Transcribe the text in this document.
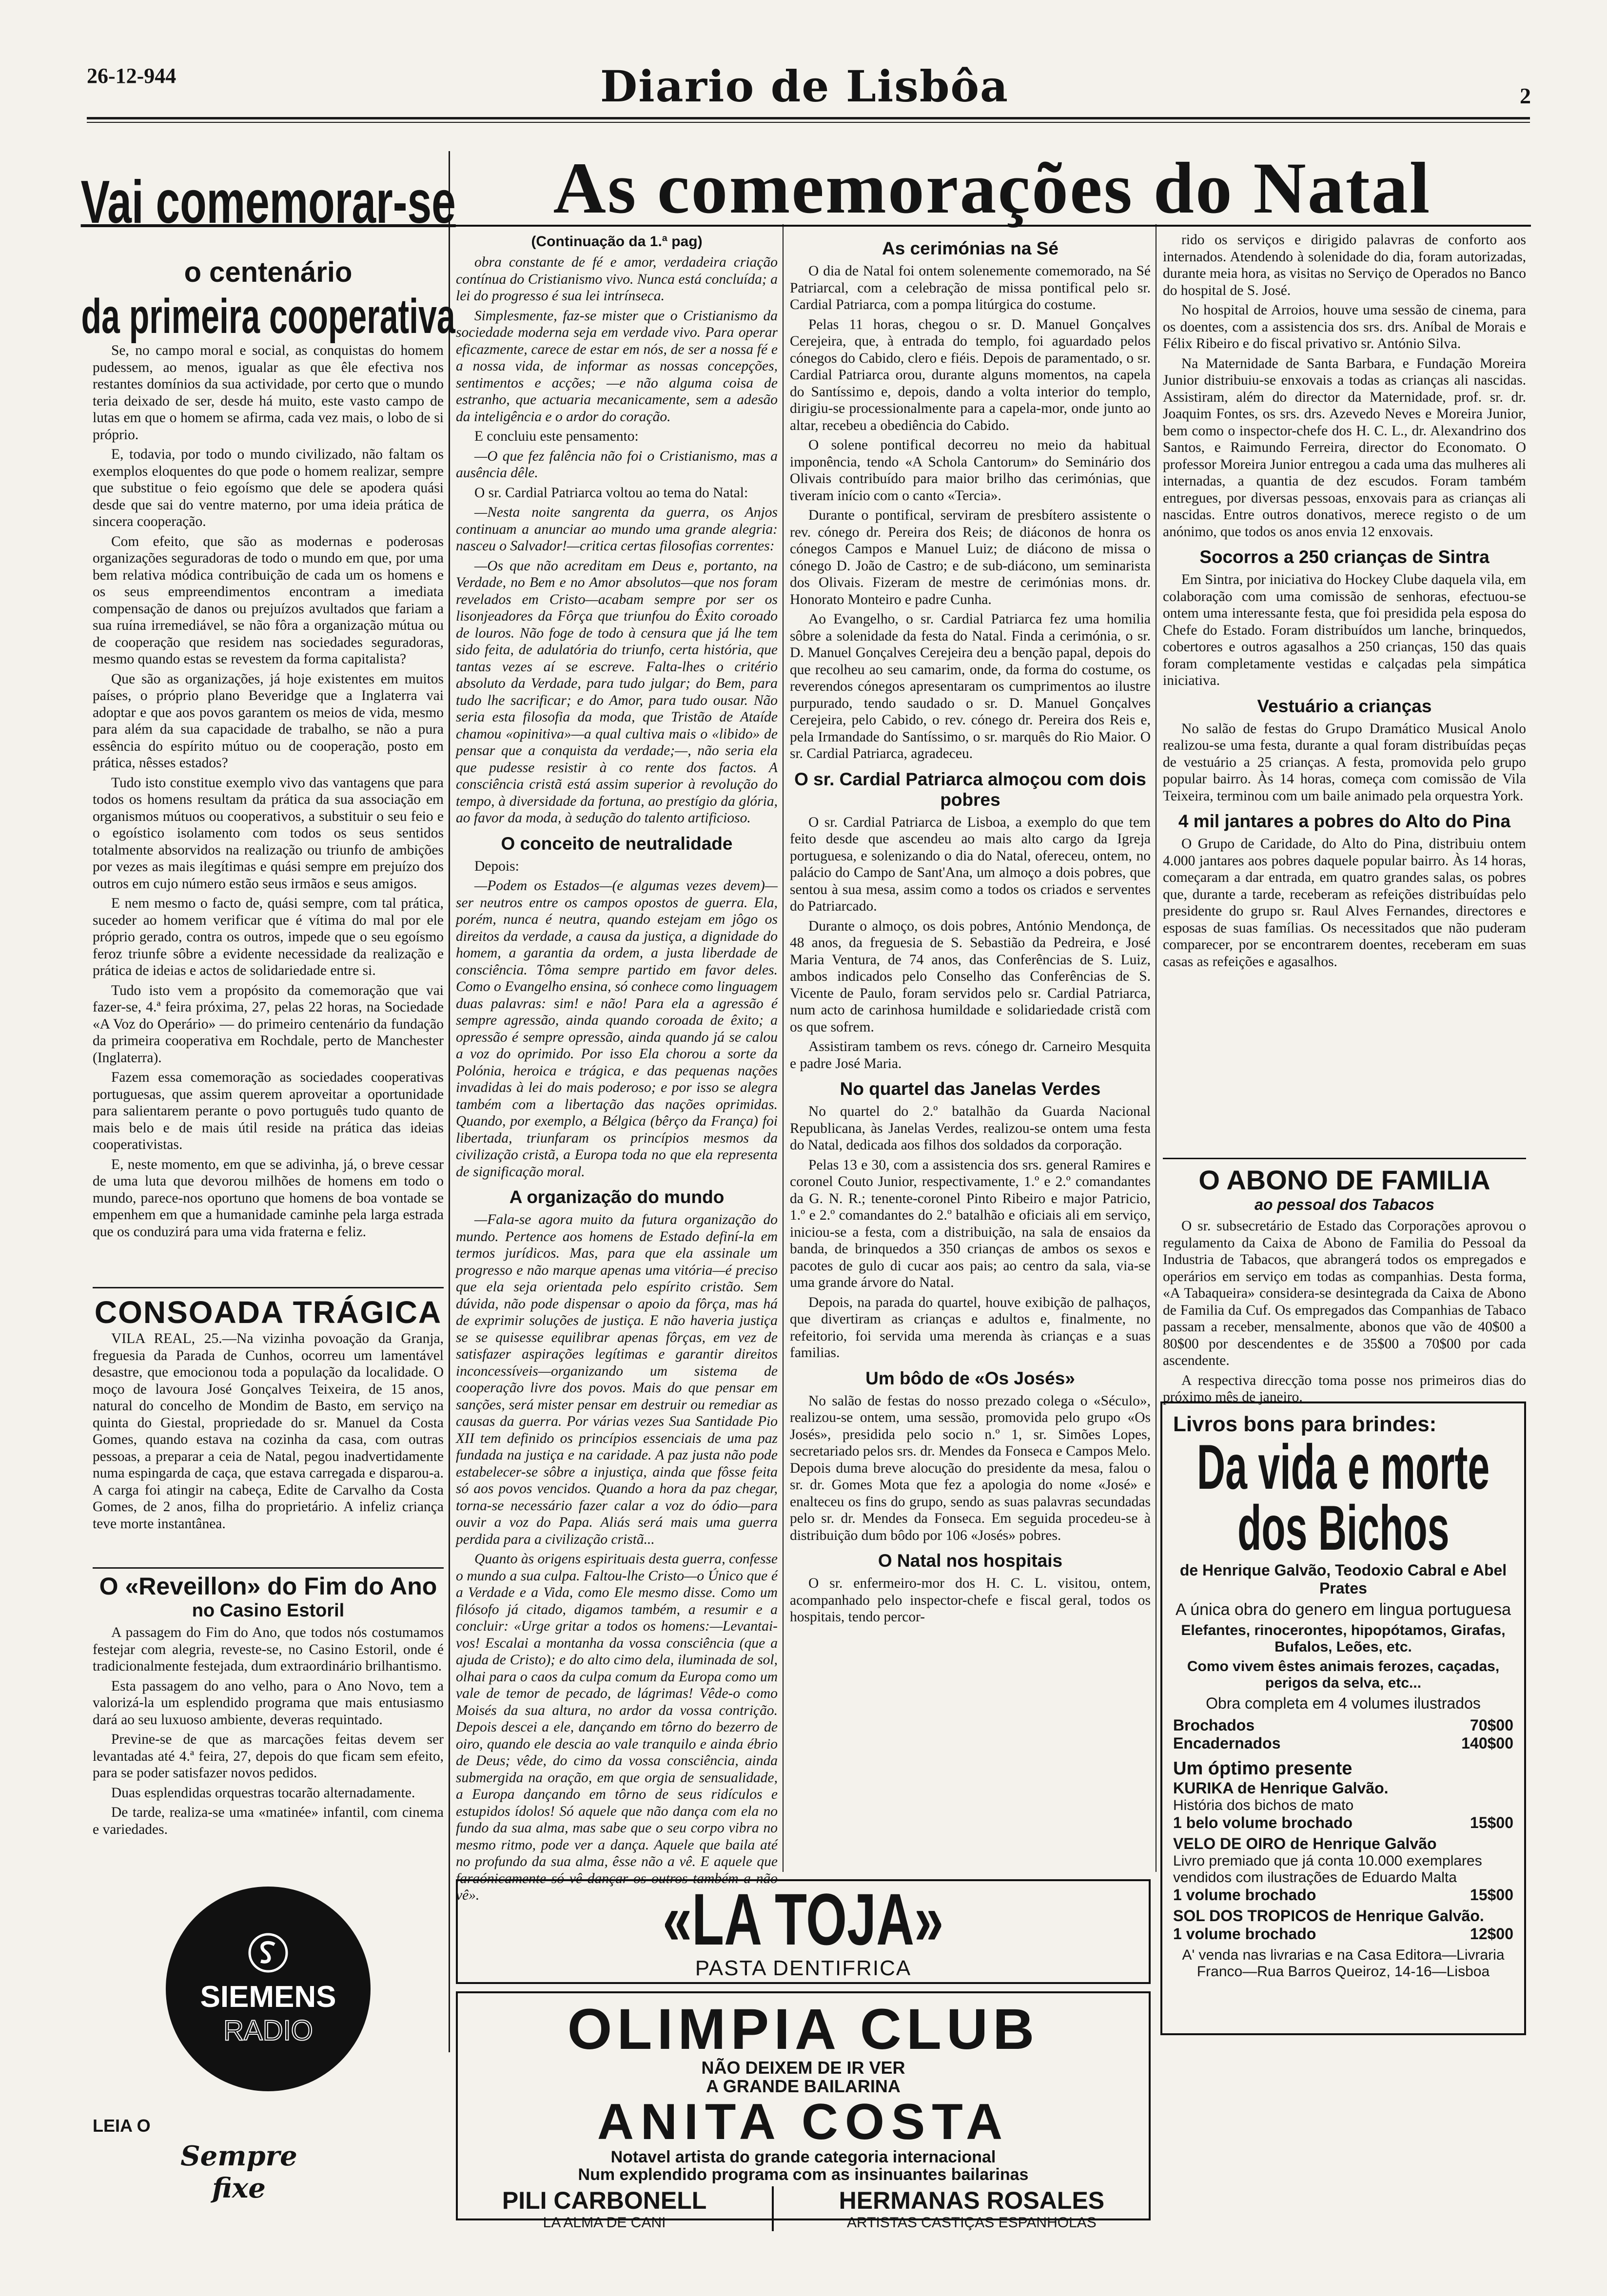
26-12-944	Diario de Lisbôa	2
Vai comemorar-se
o centenário
da primeira cooperativa

Se, no campo moral e social, as conquistas do homem pudessem, ao menos, igualar as que êle efectiva nos restantes domínios da sua actividade, por certo que o mundo teria deixado de ser, desde há muito, este vasto campo de lutas em que o homem se afirma, cada vez mais, o lobo de si próprio.

E, todavia, por todo o mundo civilizado, não faltam os exemplos eloquentes do que pode o homem realizar, sempre que substitue o feio egoísmo que dele se apodera quási desde que sai do ventre materno, por uma ideia prática de sincera cooperação.

Com efeito, que são as modernas e poderosas organizações seguradoras de todo o mundo em que, por uma bem relativa módica contribuição de cada um os homens e os seus empreendimentos encontram a imediata compensação de danos ou prejuízos avultados que fariam a sua ruína irremediável, se não fôra a organização mútua ou de cooperação que residem nas sociedades seguradoras, mesmo quando estas se revestem da forma capitalista?

Que são as organizações, já hoje existentes em muitos países, o próprio plano Beveridge que a Inglaterra vai adoptar e que aos povos garantem os meios de vida, mesmo para além da sua capacidade de trabalho, se não a pura essência do espírito mútuo ou de cooperação, posto em prática, nêsses estados?

Tudo isto constitue exemplo vivo das vantagens que para todos os homens resultam da prática da sua associação em organismos mútuos ou cooperativos, a substituir o seu feio e o egoístico isolamento com todos os seus sentidos totalmente absorvidos na realização ou triunfo de ambições por vezes as mais ilegítimas e quási sempre em prejuízo dos outros em cujo número estão seus irmãos e seus amigos.

E nem mesmo o facto de, quási sempre, com tal prática, suceder ao homem verificar que é vítima do mal por ele próprio gerado, contra os outros, impede que o seu egoísmo feroz triunfe sôbre a evidente necessidade da realização e prática de ideias e actos de solidariedade entre si.

Tudo isto vem a propósito da comemoração que vai fazer-se, 4.ª feira próxima, 27, pelas 22 horas, na Sociedade «A Voz do Operário» — do primeiro centenário da fundação da primeira cooperativa em Rochdale, perto de Manchester (Inglaterra).

Fazem essa comemoração as sociedades cooperativas portuguesas, que assim querem aproveitar a oportunidade para salientarem perante o povo português tudo quanto de mais belo e de mais útil reside na prática das ideias cooperativistas.

E, neste momento, em que se adivinha, já, o breve cessar de uma luta que devorou milhões de homens em todo o mundo, parece-nos oportuno que homens de boa vontade se empenhem em que a humanidade caminhe pela larga estrada que os conduzirá para uma vida fraterna e feliz.

CONSOADA TRÁGICA

VILA REAL, 25.—Na vizinha povoação da Granja, freguesia da Parada de Cunhos, ocorreu um lamentável desastre, que emocionou toda a população da localidade. O moço de lavoura José Gonçalves Teixeira, de 15 anos, natural do concelho de Mondim de Basto, em serviço na quinta do Giestal, propriedade do sr. Manuel da Costa Gomes, quando estava na cozinha da casa, com outras pessoas, a preparar a ceia de Natal, pegou inadvertidamente numa espingarda de caça, que estava carregada e disparou-a. A carga foi atingir na cabeça, Edite de Carvalho da Costa Gomes, de 2 anos, filha do proprietário. A infeliz criança teve morte instantânea.

O «Reveillon» do Fim do Ano
no Casino Estoril

A passagem do Fim do Ano, que todos nós costumamos festejar com alegria, reveste-se, no Casino Estoril, onde é tradicionalmente festejada, dum extraordinário brilhantismo.

Esta passagem do ano velho, para o Ano Novo, tem a valorizá-la um esplendido programa que mais entusiasmo dará ao seu luxuoso ambiente, deveras requintado.

Previne-se de que as marcações feitas devem ser levantadas até 4.ª feira, 27, depois do que ficam sem efeito, para se poder satisfazer novos pedidos.

Duas esplendidas orquestras tocarão alternadamente.

De tarde, realiza-se uma «matinée» infantil, com cinema e variedades.

SIEMENS
RADIO
LEIA O
Sempre fixe
As comemorações do Natal
(Continuação da 1.ª pag)

obra constante de fé e amor, verdadeira criação contínua do Cristianismo vivo. Nunca está concluída; a lei do progresso é sua lei intrínseca.

Simplesmente, faz-se mister que o Cristianismo da sociedade moderna seja em verdade vivo. Para operar eficazmente, carece de estar em nós, de ser a nossa fé e a nossa vida, de informar as nossas concepções, sentimentos e acções; —e não alguma coisa de estranho, que actuaria mecanicamente, sem a adesão da inteligência e o ardor do coração.

E concluiu este pensamento:

—O que fez falência não foi o Cristianismo, mas a ausência dêle.

O sr. Cardial Patriarca voltou ao tema do Natal:

—Nesta noite sangrenta da guerra, os Anjos continuam a anunciar ao mundo uma grande alegria: nasceu o Salvador!—critica certas filosofias correntes:

—Os que não acreditam em Deus e, portanto, na Verdade, no Bem e no Amor absolutos—que nos foram revelados em Cristo—acabam sempre por ser os lisonjeadores da Fôrça que triunfou do Êxito coroado de louros. Não foge de todo à censura que já lhe tem sido feita, de adulatória do triunfo, certa história, que tantas vezes aí se escreve. Falta-lhes o critério absoluto da Verdade, para tudo julgar; do Bem, para tudo lhe sacrificar; e do Amor, para tudo ousar. Não seria esta filosofia da moda, que Tristão de Ataíde chamou «opinitiva»—a qual cultiva mais o «libido» de pensar que a conquista da verdade;—, não seria ela que pudesse resistir à co rente dos factos. A consciência cristã está assim superior à revolução do tempo, à diversidade da fortuna, ao prestígio da glória, ao favor da moda, à sedução do talento artificioso.

O conceito de neutralidade

Depois:

—Podem os Estados—(e algumas vezes devem)—ser neutros entre os campos opostos de guerra. Ela, porém, nunca é neutra, quando estejam em jôgo os direitos da verdade, a causa da justiça, a dignidade do homem, a garantia da ordem, a justa liberdade de consciência. Tôma sempre partido em favor deles. Como o Evangelho ensina, só conhece como linguagem duas palavras: sim! e não! Para ela a agressão é sempre agressão, ainda quando coroada de êxito; a opressão é sempre opressão, ainda quando já se calou a voz do oprimido. Por isso Ela chorou a sorte da Polónia, heroica e trágica, e das pequenas nações invadidas à lei do mais poderoso; e por isso se alegra também com a libertação das nações oprimidas. Quando, por exemplo, a Bélgica (bêrço da França) foi libertada, triunfaram os princípios mesmos da civilização cristã, a Europa toda no que ela representa de significação moral.

A organização do mundo

—Fala-se agora muito da futura organização do mundo. Pertence aos homens de Estado definí-la em termos jurídicos. Mas, para que ela assinale um progresso e não marque apenas uma vitória—é preciso que ela seja orientada pelo espírito cristão. Sem dúvida, não pode dispensar o apoio da fôrça, mas há de exprimir soluções de justiça. E não haveria justiça se se quisesse equilibrar apenas fôrças, em vez de satisfazer aspirações legítimas e garantir direitos inconcessíveis—organizando um sistema de cooperação livre dos povos. Mais do que pensar em sanções, será mister pensar em destruir ou remediar as causas da guerra. Por várias vezes Sua Santidade Pio XII tem definido os princípios essenciais de uma paz fundada na justiça e na caridade. A paz justa não pode estabelecer-se sôbre a injustiça, ainda que fôsse feita só aos povos vencidos. Quando a hora da paz chegar, torna-se necessário fazer calar a voz do ódio—para ouvir a voz do Papa. Aliás será mais uma guerra perdida para a civilização cristã...

Quanto às origens espirituais desta guerra, confesse o mundo a sua culpa. Faltou-lhe Cristo—o Único que é a Verdade e a Vida, como Ele mesmo disse. Como um filósofo já citado, digamos também, a resumir e a concluir: «Urge gritar a todos os homens:—Levantai-vos! Escalai a montanha da vossa consciência (que a ajuda de Cristo); e do alto cimo dela, iluminada de sol, olhai para o caos da culpa comum da Europa como um vale de temor de pecado, de lágrimas! Vêde-o como Moisés da sua altura, no ardor da vossa contrição. Depois descei a ele, dançando em tôrno do bezerro de oiro, quando ele descia ao vale tranquilo e ainda ébrio de Deus; vêde, do cimo da vossa consciência, ainda submergida na oração, em que orgia de sensualidade, a Europa dançando em tôrno de seus ridículos e estupidos ídolos! Só aquele que não dança com ela no fundo da sua alma, mas sabe que o seu corpo vibra no mesmo ritmo, pode ver a dança. Aquele que baila até no profundo da sua alma, êsse não a vê. E aquele que faraónicamente só vê dançar os outros também a não vê».

As cerimónias na Sé

O dia de Natal foi ontem solenemente comemorado, na Sé Patriarcal, com a celebração de missa pontifical pelo sr. Cardial Patriarca, com a pompa litúrgica do costume.

Pelas 11 horas, chegou o sr. D. Manuel Gonçalves Cerejeira, que, à entrada do templo, foi aguardado pelos cónegos do Cabido, clero e fiéis. Depois de paramentado, o sr. Cardial Patriarca orou, durante alguns momentos, na capela do Santíssimo e, depois, dando a volta interior do templo, dirigiu-se processionalmente para a capela-mor, onde junto ao altar, recebeu a obediência do Cabido.

O solene pontifical decorreu no meio da habitual imponência, tendo «A Schola Cantorum» do Seminário dos Olivais contribuído para maior brilho das cerimónias, que tiveram início com o canto «Tercia».

Durante o pontifical, serviram de presbítero assistente o rev. cónego dr. Pereira dos Reis; de diáconos de honra os cónegos Campos e Manuel Luiz; de diácono de missa o cónego D. João de Castro; e de sub-diácono, um seminarista dos Olivais. Fizeram de mestre de cerimónias mons. dr. Honorato Monteiro e padre Cunha.

Ao Evangelho, o sr. Cardial Patriarca fez uma homilia sôbre a solenidade da festa do Natal. Finda a cerimónia, o sr. D. Manuel Gonçalves Cerejeira deu a benção papal, depois do que recolheu ao seu camarim, onde, da forma do costume, os reverendos cónegos apresentaram os cumprimentos ao ilustre purpurado, tendo saudado o sr. D. Manuel Gonçalves Cerejeira, pelo Cabido, o rev. cónego dr. Pereira dos Reis e, pela Irmandade do Santíssimo, o sr. marquês do Rio Maior. O sr. Cardial Patriarca, agradeceu.

O sr. Cardial Patriarca almoçou com dois pobres

O sr. Cardial Patriarca de Lisboa, a exemplo do que tem feito desde que ascendeu ao mais alto cargo da Igreja portuguesa, e solenizando o dia do Natal, ofereceu, ontem, no palácio do Campo de Sant'Ana, um almoço a dois pobres, que sentou à sua mesa, assim como a todos os criados e serventes do Patriarcado.

Durante o almoço, os dois pobres, António Mendonça, de 48 anos, da freguesia de S. Sebastião da Pedreira, e José Maria Ventura, de 74 anos, das Conferências de S. Luiz, ambos indicados pelo Conselho das Conferências de S. Vicente de Paulo, foram servidos pelo sr. Cardial Patriarca, num acto de carinhosa humildade e solidariedade cristã com os que sofrem.

Assistiram tambem os revs. cónego dr. Carneiro Mesquita e padre José Maria.

No quartel das Janelas Verdes

No quartel do 2.º batalhão da Guarda Nacional Republicana, às Janelas Verdes, realizou-se ontem uma festa do Natal, dedicada aos filhos dos soldados da corporação.

Pelas 13 e 30, com a assistencia dos srs. general Ramires e coronel Couto Junior, respectivamente, 1.º e 2.º comandantes da G. N. R.; tenente-coronel Pinto Ribeiro e major Patricio, 1.º e 2.º comandantes do 2.º batalhão e oficiais ali em serviço, iniciou-se a festa, com a distribuição, na sala de ensaios da banda, de brinquedos a 350 crianças de ambos os sexos e pacotes de gulo di cucar aos pais; ao centro da sala, via-se uma grande árvore do Natal.

Depois, na parada do quartel, houve exibição de palhaços, que divertiram as crianças e adultos e, finalmente, no refeitorio, foi servida uma merenda às crianças e a suas familias.

Um bôdo de «Os Josés»

No salão de festas do nosso prezado colega o «Século», realizou-se ontem, uma sessão, promovida pelo grupo «Os Josés», presidida pelo socio n.º 1, sr. Simões Lopes, secretariado pelos srs. dr. Mendes da Fonseca e Campos Melo. Depois duma breve alocução do presidente da mesa, falou o sr. dr. Gomes Mota que fez a apologia do nome «José» e enalteceu os fins do grupo, sendo as suas palavras secundadas pelo sr. dr. Mendes da Fonseca. Em seguida procedeu-se à distribuição dum bôdo por 106 «Josés» pobres.

O Natal nos hospitais

O sr. enfermeiro-mor dos H. C. L. visitou, ontem, acompanhado pelo inspector-chefe e fiscal geral, todos os hospitais, tendo percor-

rido os serviços e dirigido palavras de conforto aos internados. Atendendo à solenidade do dia, foram autorizadas, durante meia hora, as visitas no Serviço de Operados no Banco do hospital de S. José.

No hospital de Arroios, houve uma sessão de cinema, para os doentes, com a assistencia dos srs. drs. Aníbal de Morais e Félix Ribeiro e do fiscal privativo sr. António Silva.

Na Maternidade de Santa Barbara, e Fundação Moreira Junior distribuiu-se enxovais a todas as crianças ali nascidas. Assistiram, além do director da Maternidade, prof. sr. dr. Joaquim Fontes, os srs. drs. Azevedo Neves e Moreira Junior, bem como o inspector-chefe dos H. C. L., dr. Alexandrino dos Santos, e Raimundo Ferreira, director do Economato. O professor Moreira Junior entregou a cada uma das mulheres ali internadas, a quantia de dez escudos. Foram também entregues, por diversas pessoas, enxovais para as crianças ali nascidas. Entre outros donativos, merece registo o de um anónimo, que todos os anos envia 12 enxovais.

Socorros a 250 crianças de Sintra

Em Sintra, por iniciativa do Hockey Clube daquela vila, em colaboração com uma comissão de senhoras, efectuou-se ontem uma interessante festa, que foi presidida pela esposa do Chefe do Estado. Foram distribuídos um lanche, brinquedos, cobertores e outros agasalhos a 250 crianças, 150 das quais foram completamente vestidas e calçadas pela simpática iniciativa.

Vestuário a crianças

No salão de festas do Grupo Dramático Musical Anolo realizou-se uma festa, durante a qual foram distribuídas peças de vestuário a 25 crianças. A festa, promovida pelo grupo popular bairro. Às 14 horas, começa com comissão de Vila Teixeira, terminou com um baile animado pela orquestra York.

4 mil jantares a pobres do Alto do Pina

O Grupo de Caridade, do Alto do Pina, distribuiu ontem 4.000 jantares aos pobres daquele popular bairro. Às 14 horas, começaram a dar entrada, em quatro grandes salas, os pobres que, durante a tarde, receberam as refeições distribuídas pelo presidente do grupo sr. Raul Alves Fernandes, directores e esposas de suas famílias. Os necessitados que não puderam comparecer, por se encontrarem doentes, receberam em suas casas as refeições e agasalhos.

O ABONO DE FAMILIA
ao pessoal dos Tabacos

O sr. subsecretário de Estado das Corporações aprovou o regulamento da Caixa de Abono de Familia do Pessoal da Industria de Tabacos, que abrangerá todos os empregados e operários em serviço em todas as companhias. Desta forma, «A Tabaqueira» considera-se desintegrada da Caixa de Abono de Familia da Cuf. Os empregados das Companhias de Tabaco passam a receber, mensalmente, abonos que vão de 40$00 a 80$00 por descendentes e de 35$00 a 70$00 por cada ascendente.

A respectiva direcção toma posse nos primeiros dias do próximo mês de janeiro.

Livros bons para brindes:
Da vida e morte
dos Bichos
de Henrique Galvão, Teodoxio Cabral e Abel Prates
A única obra do genero em lingua portuguesa
Elefantes, rinocerontes, hipopótamos, Girafas, Bufalos, Leões, etc.
Como vivem êstes animais ferozes, caçadas, perigos da selva, etc...
Obra completa em 4 volumes ilustrados
Brochados	70$00
Encadernados	140$00
Um óptimo presente
KURIKA de Henrique Galvão.
História dos bichos de mato
1 belo volume brochado	15$00
VELO DE OIRO de Henrique Galvão
Livro premiado que já conta 10.000 exemplares vendidos com ilustrações de Eduardo Malta
1 volume brochado	15$00
SOL DOS TROPICOS de Henrique Galvão.
1 volume brochado	12$00
A' venda nas livrarias e na Casa Editora—Livraria Franco—Rua Barros Queiroz, 14-16—Lisboa
«LA TOJA»
PASTA DENTIFRICA
OLIMPIA CLUB
NÃO DEIXEM DE IR VER
A GRANDE BAILARINA
ANITA COSTA
Notavel artista do grande categoria internacional
Num explendido programa com as insinuantes bailarinas
PILI CARBONELL
LA ALMA DE CANI
HERMANAS ROSALES
ARTISTAS CASTIÇAS ESPANHOLAS
